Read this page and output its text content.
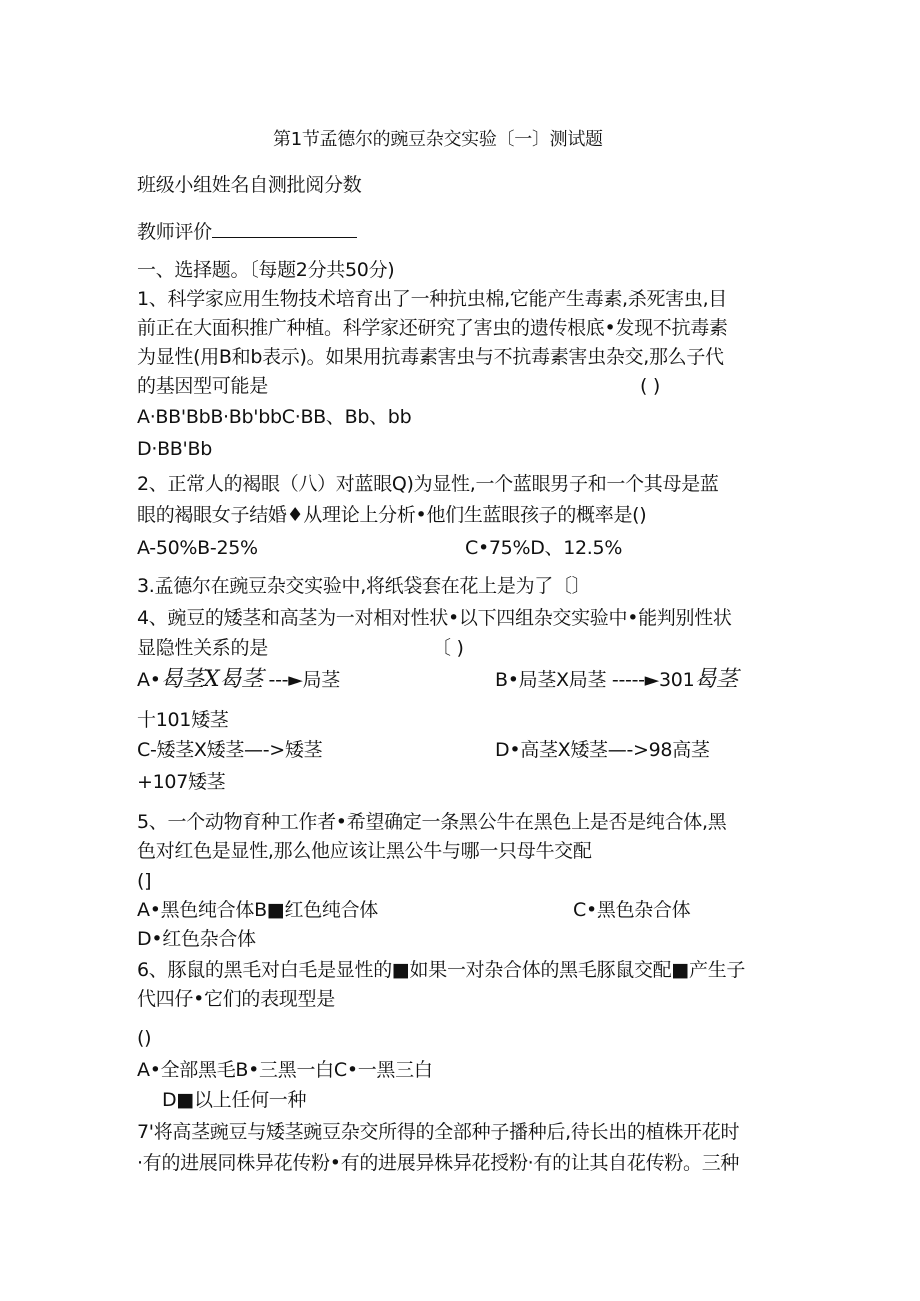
第1节孟德尔的豌豆杂交实验〔一〕测试题
班级小组姓名自测批阅分数
教师评价
一、选择题。〔每题2分共50分)
1、科学家应用生物技术培育出了一种抗虫棉,它能产生毒素,杀死害虫,目
前正在大面积推广种植。科学家还研究了害虫的遗传根底•发现不抗毒素
为显性(用B和b表示)。如果用抗毒素害虫与不抗毒素害虫杂交,那么子代
的基因型可能是	( )
A·BB'BbB·Bb'bbC·BB、Bb、bb
D·BB'Bb
2、正常人的褐眼（八）对蓝眼Q)为显性,一个蓝眼男子和一个其母是蓝
眼的褐眼女子结婚♦从理论上分析•他们生蓝眼孩子的概率是()
A-50%B-25%	C•75%D、12.5%
3.孟德尔在豌豆杂交实验中,将纸袋套在花上是为了〔〕
4、豌豆的矮茎和高茎为一对相对性状•以下四组杂交实验中•能判别性状
显隐性关系的是	〔 )
A•曷茎X曷茎 ---►局茎	B•局茎X局茎 -----►301曷茎
十101矮茎
C-矮茎X矮茎—->矮茎	D•高茎X矮茎—->98高茎
+107矮茎
5、一个动物育种工作者•希望确定一条黑公牛在黑色上是否是纯合体,黑
色对红色是显性,那么他应该让黑公牛与哪一只母牛交配
(]
A•黑色纯合体B■红色纯合体	C•黑色杂合体
D•红色杂合体
6、豚鼠的黑毛对白毛是显性的■如果一对杂合体的黑毛豚鼠交配■产生子
代四仔•它们的表现型是
()
A•全部黑毛B•三黑一白C•一黑三白
D■以上任何一种
7'将高茎豌豆与矮茎豌豆杂交所得的全部种子播种后,待长出的植株开花时
·有的进展同株异花传粉•有的进展异株异花授粉·有的让其自花传粉。三种
